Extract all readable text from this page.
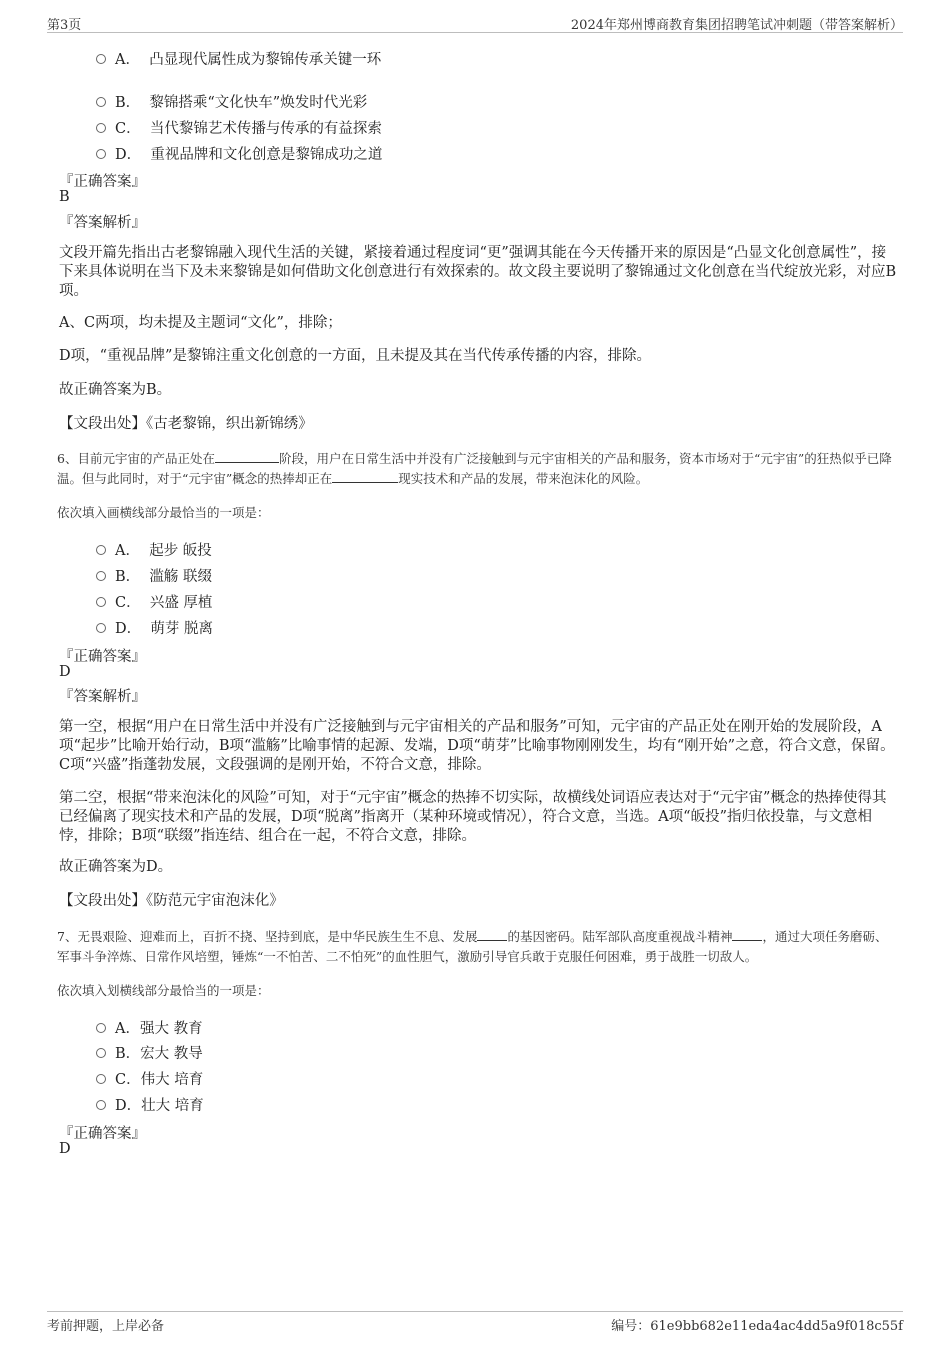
第3页	2024年郑州博商教育集团招聘笔试冲刺题（带答案解析）
A． 凸显现代属性成为黎锦传承关键一环
B． 黎锦搭乘“文化快车”焕发时代光彩
C． 当代黎锦艺术传播与传承的有益探索
D． 重视品牌和文化创意是黎锦成功之道
『正确答案』
B
『答案解析』
文段开篇先指出古老黎锦融入现代生活的关键，紧接着通过程度词“更”强调其能在今天传播开来的原因是“凸显文化创意属性”，接下来具体说明在当下及未来黎锦是如何借助文化创意进行有效探索的。故文段主要说明了黎锦通过文化创意在当代绽放光彩，对应B项。
A、C两项，均未提及主题词“文化”，排除；
D项，“重视品牌”是黎锦注重文化创意的一方面，且未提及其在当代传承传播的内容，排除。
故正确答案为B。
【文段出处】《古老黎锦，织出新锦绣》
6、目前元宇宙的产品正处在	阶段，用户在日常生活中并没有广泛接触到与元宇宙相关的产品和服务，资本市场对于“元宇宙”的狂热似乎已降温。但与此同时，对于“元宇宙”概念的热捧却正在	现实技术和产品的发展，带来泡沫化的风险。
依次填入画横线部分最恰当的一项是：
A． 起步 皈投
B． 滥觞 联缀
C． 兴盛 厚植
D． 萌芽 脱离
『正确答案』
D
『答案解析』
第一空，根据“用户在日常生活中并没有广泛接触到与元宇宙相关的产品和服务”可知，元宇宙的产品正处在刚开始的发展阶段，A项“起步”比喻开始行动，B项“滥觞”比喻事情的起源、发端，D项“萌芽”比喻事物刚刚发生，均有“刚开始”之意，符合文意，保留。C项“兴盛”指蓬勃发展，文段强调的是刚开始，不符合文意，排除。
第二空，根据“带来泡沫化的风险”可知，对于“元宇宙”概念的热捧不切实际，故横线处词语应表达对于“元宇宙”概念的热捧使得其已经偏离了现实技术和产品的发展，D项“脱离”指离开（某种环境或情况），符合文意，当选。A项“皈投”指归依投靠，与文意相悖，排除；B项“联缀”指连结、组合在一起，不符合文意，排除。
故正确答案为D。
【文段出处】《防范元宇宙泡沫化》
7、无畏艰险、迎难而上，百折不挠、坚持到底，是中华民族生生不息、发展 的基因密码。陆军部队高度重视战斗精神 ，通过大项任务磨砺、军事斗争淬炼、日常作风培塑，锤炼“一不怕苦、二不怕死”的血性胆气，激励引导官兵敢于克服任何困难，勇于战胜一切敌人。
依次填入划横线部分最恰当的一项是：
A．强大 教育
B．宏大 教导
C．伟大 培育
D．壮大 培育
『正确答案』
D
考前押题，上岸必备	编号：61e9bb682e11eda4ac4dd5a9f018c55f
